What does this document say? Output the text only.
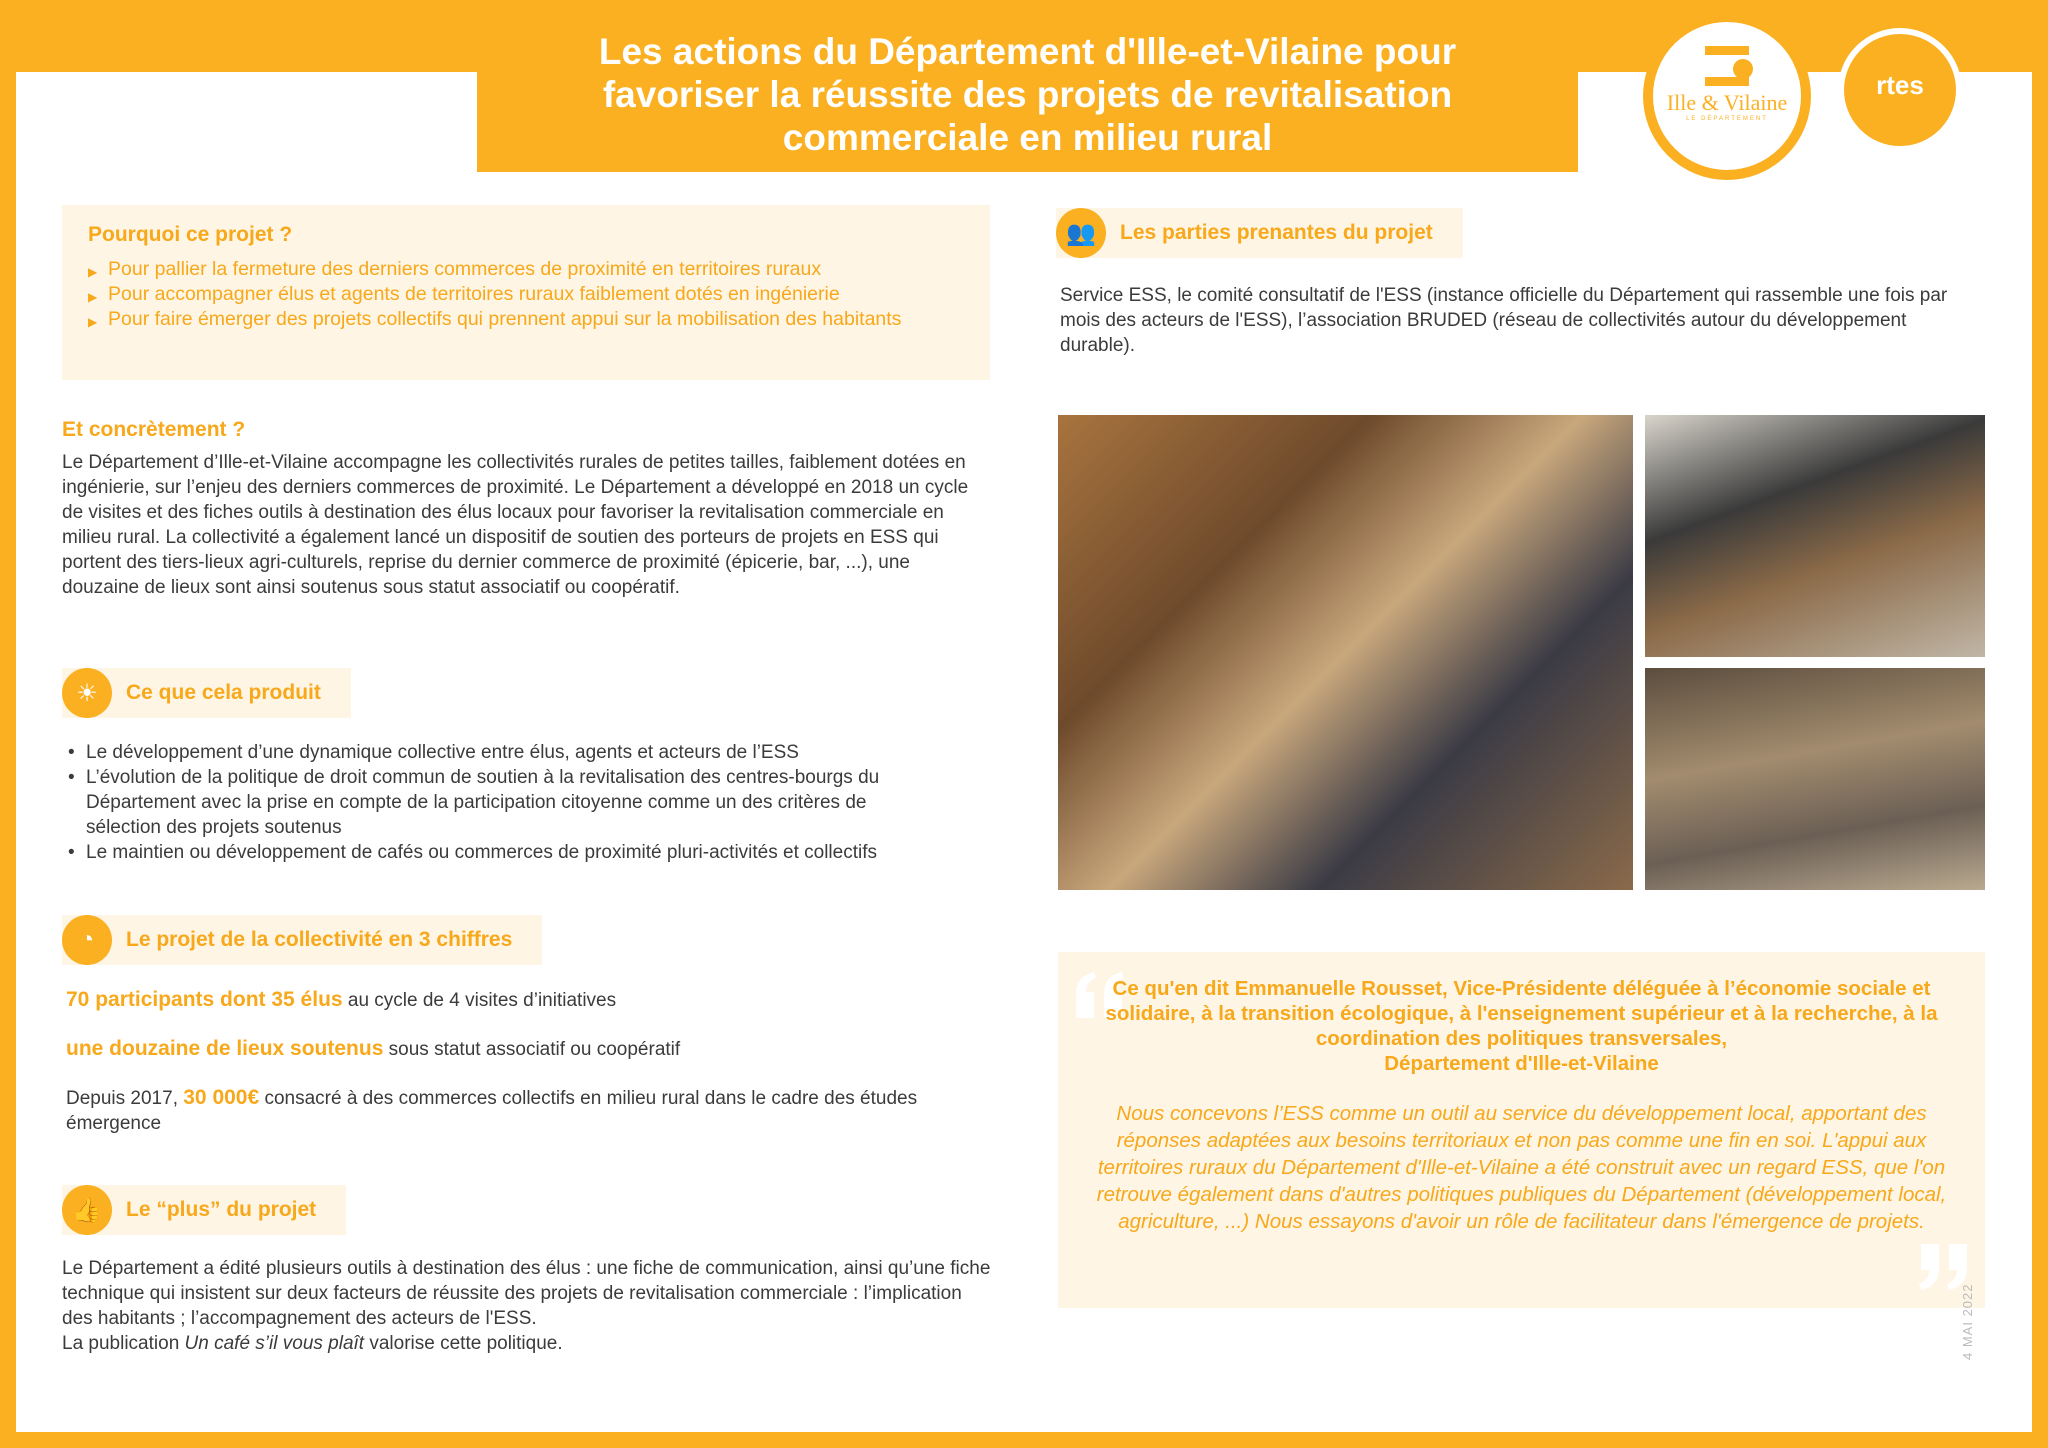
Les actions du Département d'Ille-et-Vilaine pour favoriser la réussite des projets de revitalisation commerciale en milieu rural
Ille & Vilaine
LE DÉPARTEMENT
rtes
Pourquoi ce projet ?
▶ Pour pallier la fermeture des derniers commerces de proximité en territoires ruraux
▶ Pour accompagner élus et agents de territoires ruraux faiblement dotés en ingénierie
▶ Pour faire émerger des projets collectifs qui prennent appui sur la mobilisation des habitants
Et concrètement ?
Le Département d’Ille-et-Vilaine accompagne les collectivités rurales de petites tailles, faiblement dotées en ingénierie, sur l’enjeu des derniers commerces de proximité. Le Département a développé en 2018 un cycle de visites et des fiches outils à destination des élus locaux pour favoriser la revitalisation commerciale en milieu rural. La collectivité a également lancé un dispositif de soutien des porteurs de projets en ESS qui portent des tiers-lieux agri-culturels, reprise du dernier commerce de proximité (épicerie, bar, ...), une douzaine de lieux sont ainsi soutenus sous statut associatif ou coopératif.
☀	Ce que cela produit
• Le développement d’une dynamique collective entre élus, agents et acteurs de l’ESS
• L’évolution de la politique de droit commun de soutien à la revitalisation des centres-bourgs du Département avec la prise en compte de la participation citoyenne comme un des critères de sélection des projets soutenus
• Le maintien ou développement de cafés ou commerces de proximité pluri-activités et collectifs
◔	Le projet de la collectivité en 3 chiffres
70 participants dont 35 élus au cycle de 4 visites d’initiatives
une douzaine de lieux soutenus sous statut associatif ou coopératif
Depuis 2017, 30 000€ consacré à des commerces collectifs en milieu rural dans le cadre des études émergence
👍	Le “plus” du projet
Le Département a édité plusieurs outils à destination des élus : une fiche de communication, ainsi qu’une fiche technique qui insistent sur deux facteurs de réussite des projets de revitalisation commerciale : l’implication des habitants ; l’accompagnement des acteurs de l'ESS.
La publication Un café s’il vous plaît valorise cette politique.
👥	Les parties prenantes du projet
Service ESS, le comité consultatif de l'ESS (instance officielle du Département qui rassemble une fois par mois des acteurs de l'ESS), l’association BRUDED (réseau de collectivités autour du développement durable).
Ce qu'en dit Emmanuelle Rousset, Vice-Présidente déléguée à l’économie sociale et solidaire, à la transition écologique, à l'enseignement supérieur et à la recherche, à la coordination des politiques transversales,
Département d'Ille-et-Vilaine
Nous concevons l’ESS comme un outil au service du développement local, apportant des réponses adaptées aux besoins territoriaux et non pas comme une fin en soi. L'appui aux territoires ruraux du Département d'Ille-et-Vilaine a été construit avec un regard ESS, que l'on retrouve également dans d'autres politiques publiques du Département (développement local, agriculture, ...) Nous essayons d'avoir un rôle de facilitateur dans l'émergence de projets.
4 MAI 2022
